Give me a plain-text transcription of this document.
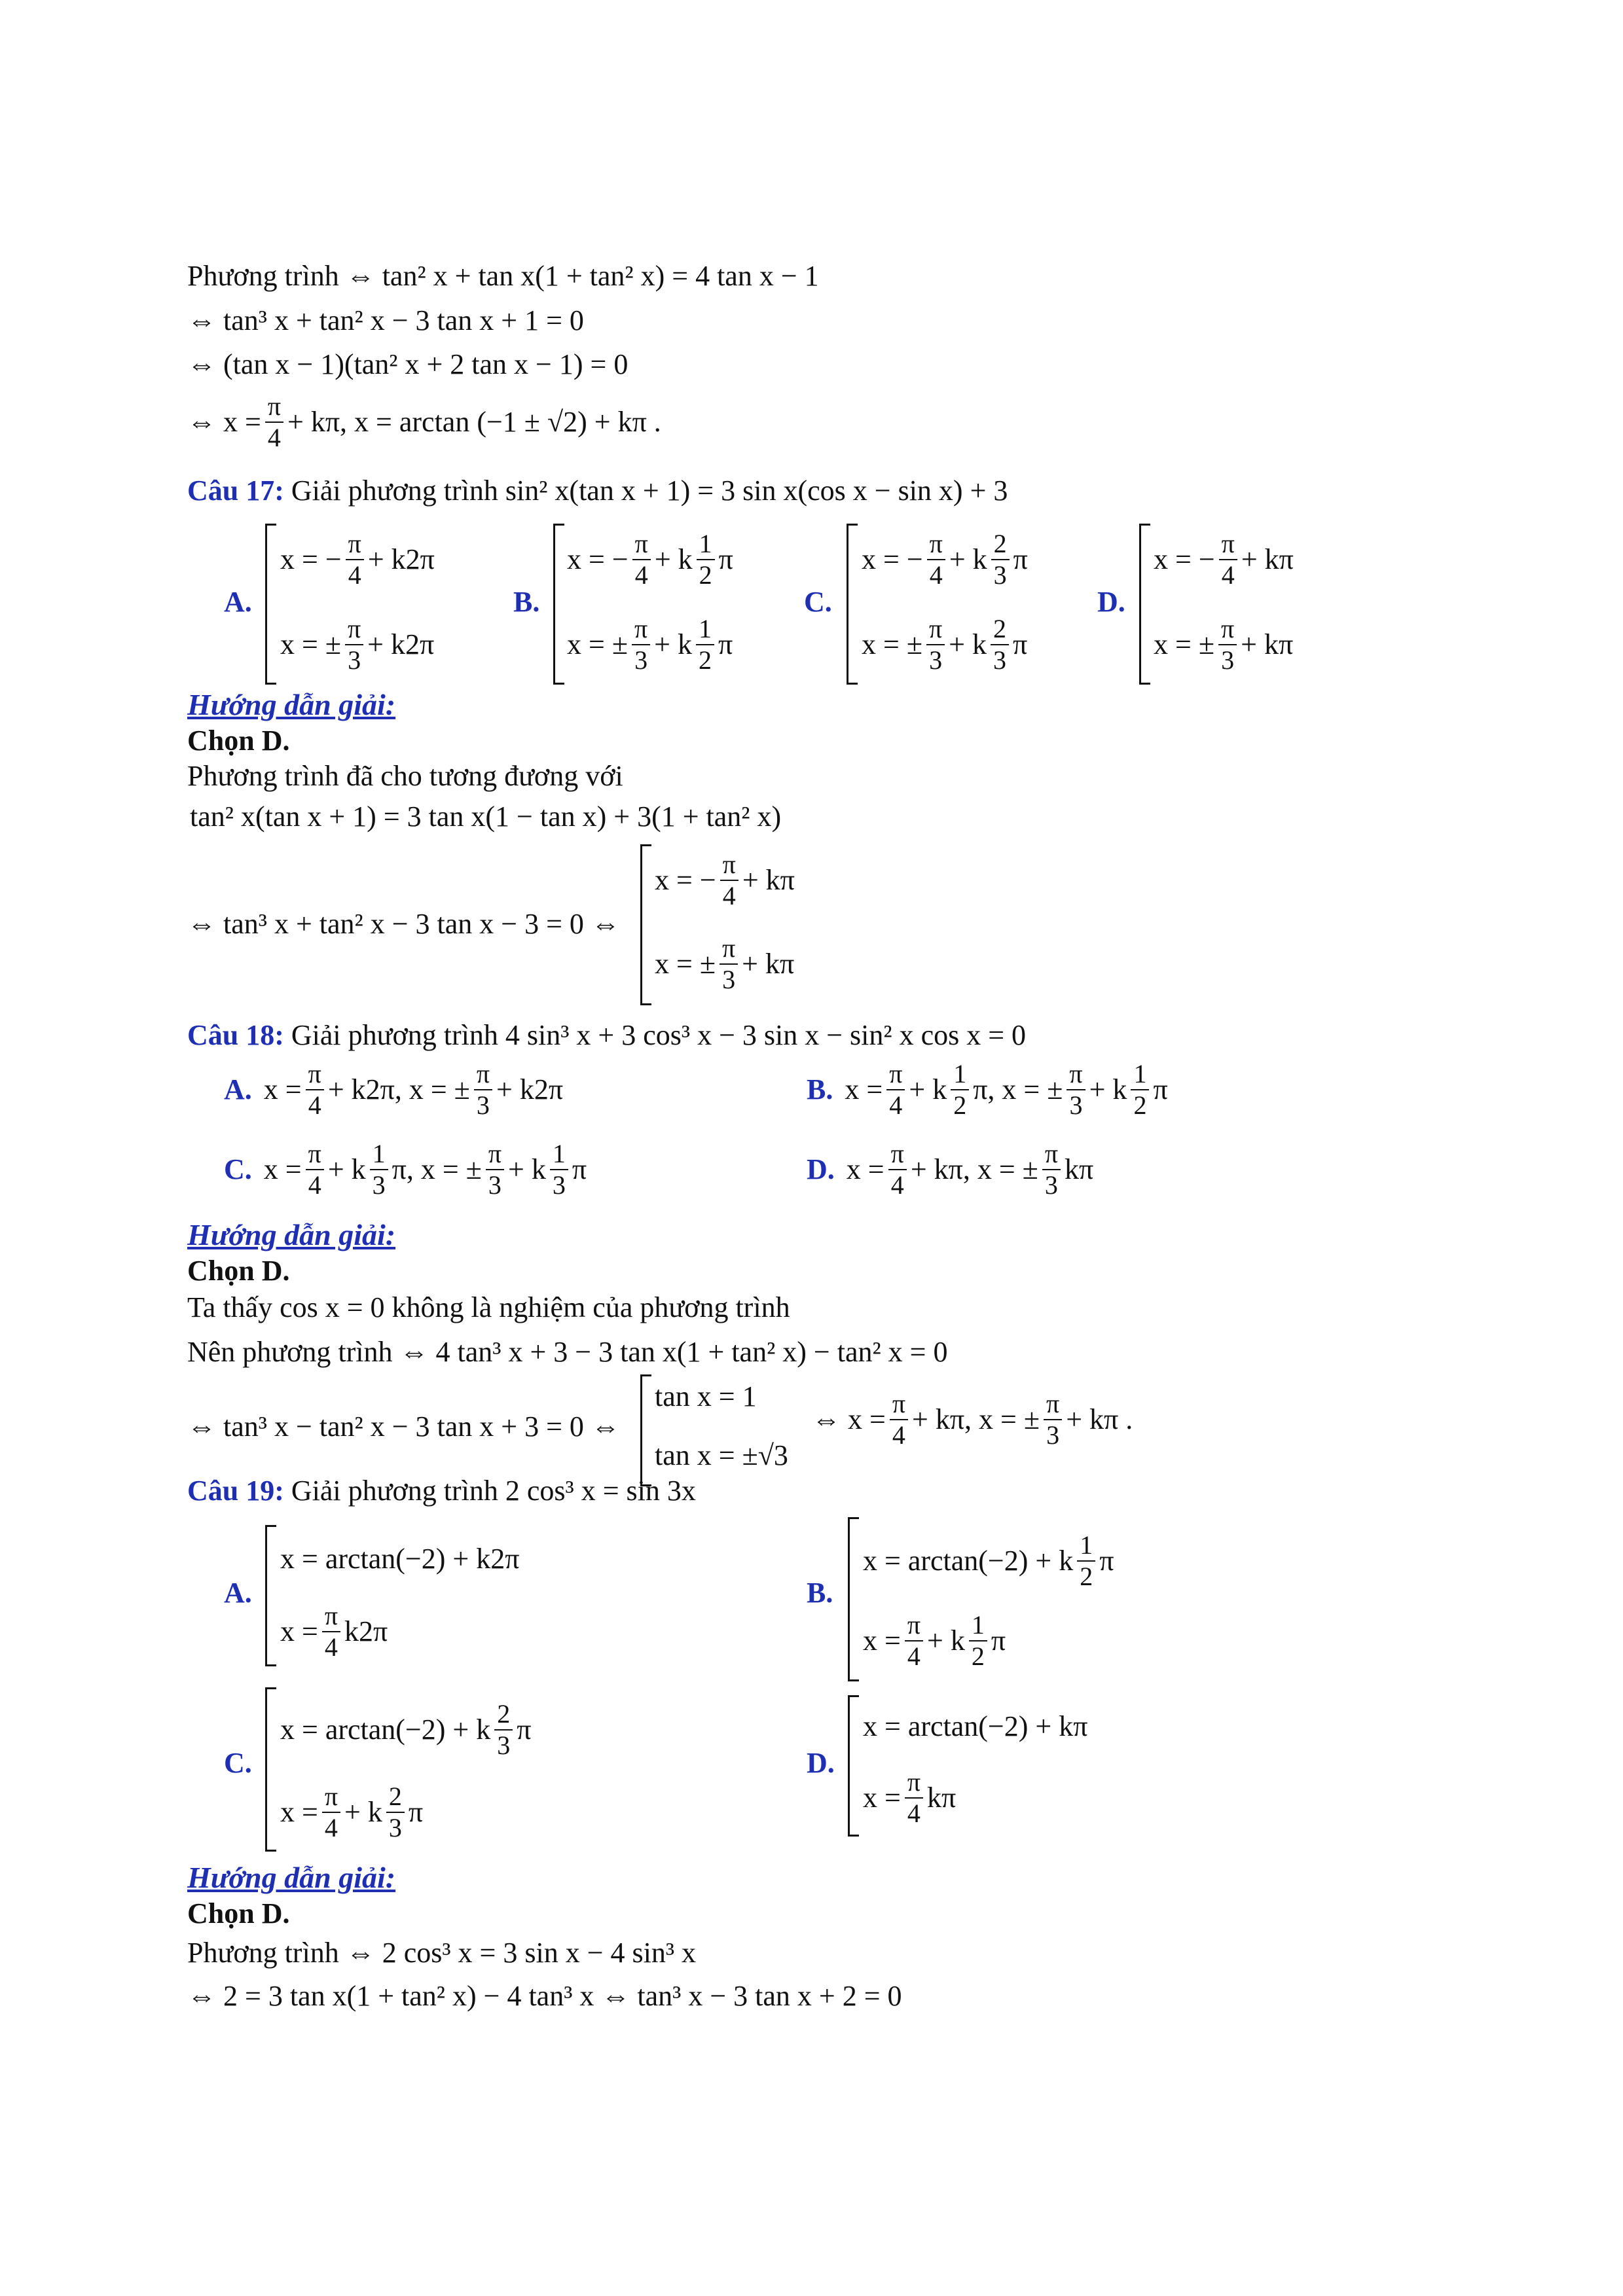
Phương trình ⇔ tan² x + tan x(1 + tan² x) = 4 tan x − 1
⇔ tan³ x + tan² x − 3 tan x + 1 = 0
⇔ (tan x − 1)(tan² x + 2 tan x − 1) = 0
⇔ $x = \frac{\pi}{4} + k\pi$, x = arctan (−1 ± √2) + kπ .
Câu 17: Giải phương trình sin² x(tan x + 1) = 3 sin x(cos x − sin x) + 3
A.
x = − $\frac{\pi}{4} + k2\pi$
x = ± $\frac{\pi}{3} + k2\pi$
B.
x = − $\frac{\pi}{4} + k \frac{1}{2}$ π
x = ± $\frac{\pi}{3} + k \frac{1}{2}$ π
C.
x = − $\frac{\pi}{4} + k \frac{2}{3}$ π
x = ± $\frac{\pi}{3} + k \frac{2}{3}$ π
D.
x = − $\frac{\pi}{4} + k\pi$
x = ± $\frac{\pi}{3} + k\pi$
Hướng dẫn giải:
Chọn D.
Phương trình đã cho tương đương với
tan² x(tan x + 1) = 3 tan x(1 − tan x) + 3(1 + tan² x)
⇔ tan³ x + tan² x − 3 tan x − 3 = 0 ⇔
x = − $\frac{\pi}{4} + k\pi$
x = ± $\frac{\pi}{3} + k\pi$
Câu 18: Giải phương trình 4 sin³ x + 3 cos³ x − 3 sin x − sin² x cos x = 0
A. $x = \frac{\pi}{4} + k2\pi$, x = ± $\frac{\pi}{3} + k2\pi$	B. $x = \frac{\pi}{4} + k \frac{1}{2} \pi$, x = ± $\frac{\pi}{3} + k \frac{1}{2}$ π
C. $x = \frac{\pi}{4} + k \frac{1}{3} \pi$, x = ± $\frac{\pi}{3} + k \frac{1}{3}$ π	D. $x = \frac{\pi}{4} + k\pi$, x = ± $\frac{\pi}{3}$ kπ
Hướng dẫn giải:
Chọn D.
Ta thấy cos x = 0 không là nghiệm của phương trình
Nên phương trình ⇔ 4 tan³ x + 3 − 3 tan x(1 + tan² x) − tan² x = 0
⇔ tan³ x − tan² x − 3 tan x + 3 = 0 ⇔
tan x = 1
tan x = ±√3
⇔ $x = \frac{\pi}{4} + k\pi$, x = ± $\frac{\pi}{3} + k\pi$ .
Câu 19: Giải phương trình 2 cos³ x = sin 3x
A.
x = arctan(−2) + k 2π
$x = \frac{\pi}{4} k2\pi$
B.
x = arctan(−2) + k $\frac{1}{2}$ π
$x = \frac{\pi}{4} + k \frac{1}{2}$ π
C.
x = arctan(−2) + k $\frac{2}{3}$ π
$x = \frac{\pi}{4} + k \frac{2}{3}$ π
D.
x = arctan(−2) + k π
$x = \frac{\pi}{4}$ kπ
Hướng dẫn giải:
Chọn D.
Phương trình ⇔ 2 cos³ x = 3 sin x − 4 sin³ x
⇔ 2 = 3 tan x(1 + tan² x) − 4 tan³ x ⇔ tan³ x − 3 tan x + 2 = 0
